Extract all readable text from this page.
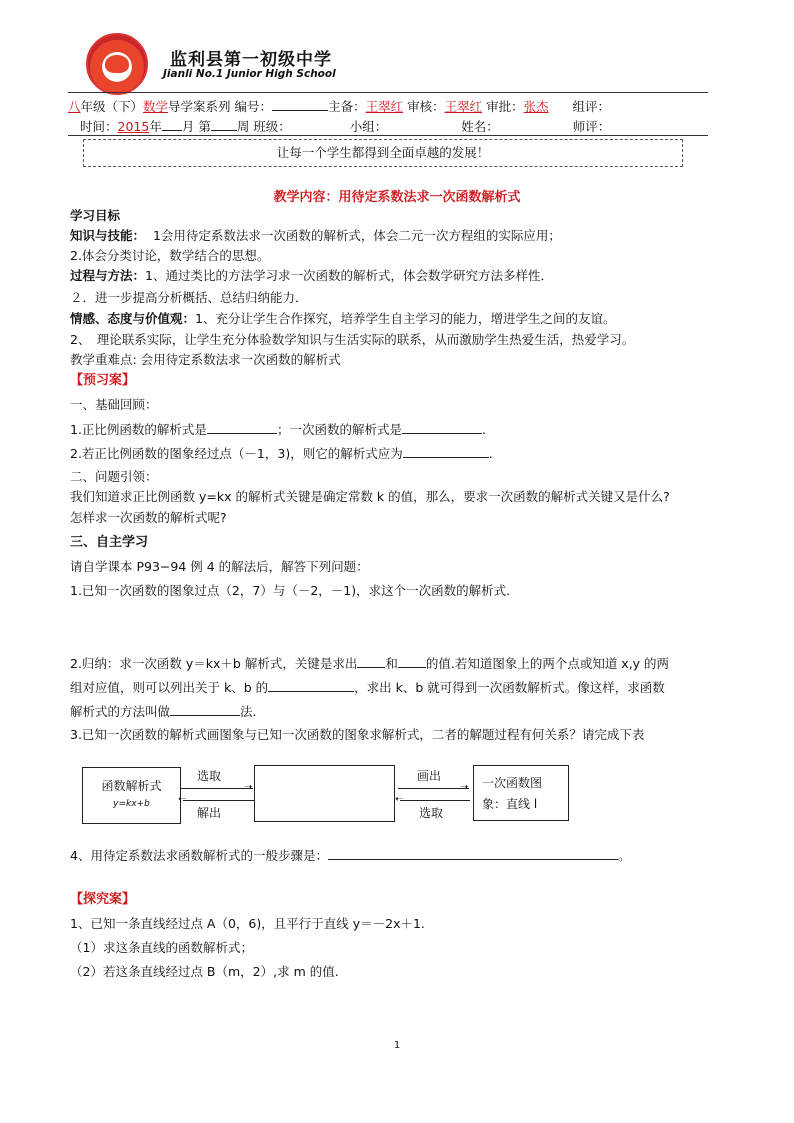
监利县第一初级中学
Jianli No.1 Junior High School
八年级（下）数学导学案系列 编号：	主备：王翠红 审核：王翠红 审批：张杰 组评：
时间：2015年 月 第 周 班级：	小组：	姓名：	师评：
让每一个学生都得到全面卓越的发展！
教学内容：用待定系数法求一次函数解析式
学习目标
知识与技能： 1会用待定系数法求一次函数的解析式，体会二元一次方程组的实际应用；
2.体会分类讨论，数学结合的思想。
过程与方法：1、通过类比的方法学习求一次函数的解析式，体会数学研究方法多样性．
２．进一步提高分析概括、总结归纳能力．
情感、态度与价值观：1、充分让学生合作探究，培养学生自主学习的能力，增进学生之间的友谊。
2、　理论联系实际，让学生充分体验数学知识与生活实际的联系，从而激励学生热爱生活，热爱学习。
教学重难点: 会用待定系数法求一次函数的解析式
【预习案】
一、基础回顾：
1.正比例函数的解析式是	；一次函数的解析式是	.
2.若正比例函数的图象经过点（－1，3)，则它的解析式应为	.
二、问题引领：
我们知道求正比例函数 y=kx 的解析式关键是确定常数 k 的值，那么，要求一次函数的解析式关键又是什么?
怎样求一次函数的解析式呢?
三、自主学习
请自学课本 P93−94 例 4 的解法后，解答下列问题：
1.已知一次函数的图象过点（2，7）与（－2，－1)，求这个一次函数的解析式.
2.归纳：求一次函数 y＝kx＋b 解析式，关键是求出 和 的值.若知道图象上的两个点或知道 x,y 的两
组对应值，则可以列出关于 k、b 的	，求出 k、b 就可得到一次函数解析式。像这样，求函数
解析式的方法叫做	法.
3.已知一次函数的解析式画图象与已知一次函数的图象求解析式，二者的解题过程有何关系？请完成下表
函数解析式
y=kx+b
➝
选取
➝
解出
➝
画出
➝
选取
一次函数图
象：直线 l
4、用待定系数法求函数解析式的一般步骤是：	。
【探究案】
1、已知一条直线经过点 A（0，6)，且平行于直线 y＝－2x＋1.
（1）求这条直线的函数解析式；
（2）若这条直线经过点 B（m，2）,求 m 的值.
1
